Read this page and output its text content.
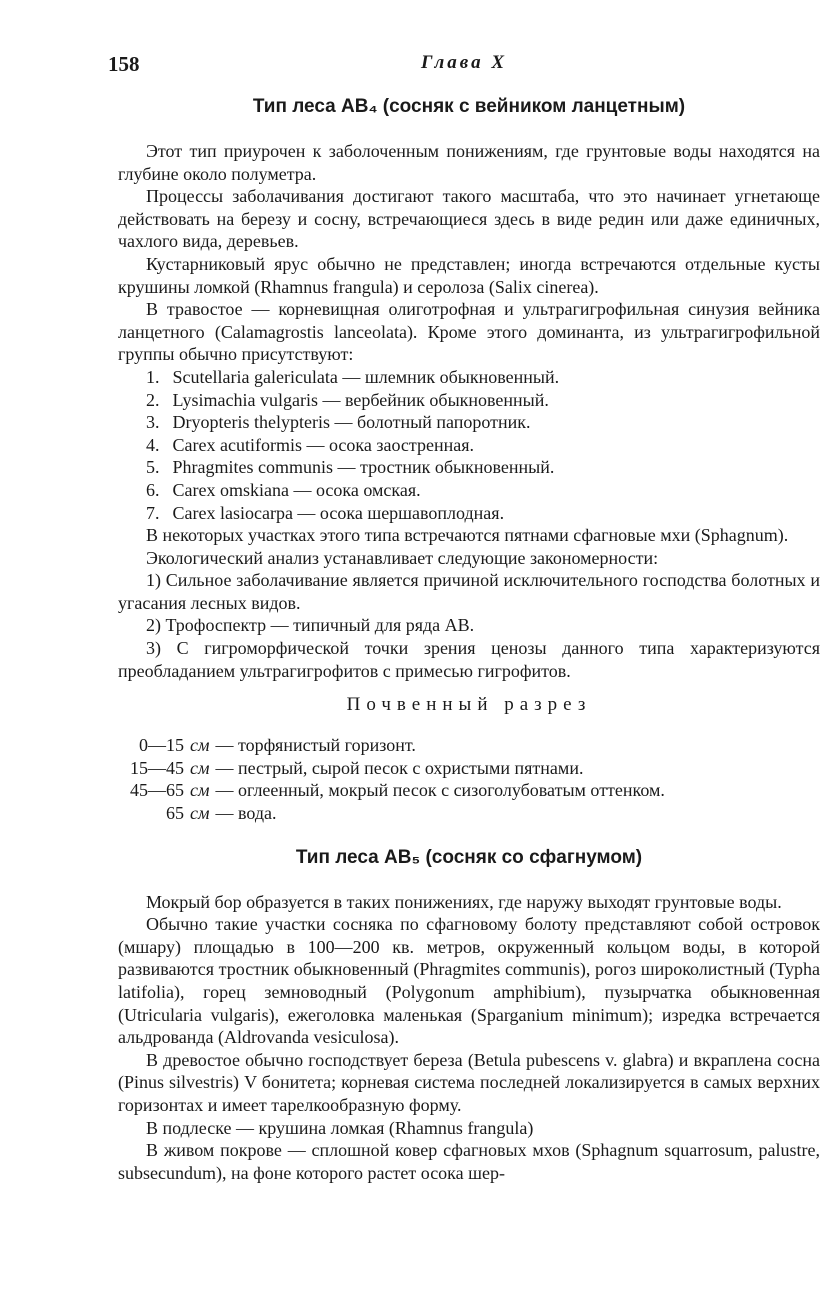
158	Глава X
Тип леса AB₄ (сосняк с вейником ланцетным)

Этот тип приурочен к заболоченным понижениям, где грунтовые воды находятся на глубине около полуметра.

Процессы заболачивания достигают такого масштаба, что это начинает угнетающе действовать на березу и сосну, встречающиеся здесь в виде редин или даже единичных, чахлого вида, деревьев.

Кустарниковый ярус обычно не представлен; иногда встречаются отдельные кусты крушины ломкой (Rhamnus frangula) и серолоза (Salix cinerea).

В травостое — корневищная олиготрофная и ультрагигрофильная синузия вейника ланцетного (Calamagrostis lanceolata). Кроме этого доминанта, из ультрагигрофильной группы обычно присутствуют:

1. Scutellaria galericulata — шлемник обыкновенный.
2. Lysimachia vulgaris — вербейник обыкновенный.
3. Dryopteris thelypteris — болотный папоротник.
4. Carex acutiformis — осока заостренная.
5. Phragmites communis — тростник обыкновенный.
6. Carex omskiana — осока омская.
7. Carex lasiocarpa — осока шершавоплодная.

В некоторых участках этого типа встречаются пятнами сфагновые мхи (Sphagnum).

Экологический анализ устанавливает следующие закономерности:

1) Сильное заболачивание является причиной исключительного господства болотных и угасания лесных видов.

2) Трофоспектр — типичный для ряда AB.

3) С гигроморфической точки зрения ценозы данного типа характеризуются преобладанием ультрагигрофитов с примесью гигрофитов.

Почвенный разрез
0—15 см — торфянистый горизонт.
15—45 см — пестрый, сырой песок с охристыми пятнами.
45—65 см — оглеенный, мокрый песок с сизоголубоватым оттенком.
65 см — вода.
Тип леса AB₅ (сосняк со сфагнумом)

Мокрый бор образуется в таких понижениях, где наружу выходят грунтовые воды.

Обычно такие участки сосняка по сфагновому болоту представляют собой островок (мшару) площадью в 100—200 кв. метров, окруженный кольцом воды, в которой развиваются тростник обыкновенный (Phragmites communis), рогоз широколистный (Typha latifolia), горец земноводный (Polygonum amphibium), пузырчатка обыкновенная (Utricularia vulgaris), ежеголовка маленькая (Sparganium minimum); изредка встречается альдрованда (Aldrovanda vesiculosa).

В древостое обычно господствует береза (Betula pubescens v. glabra) и вкраплена сосна (Pinus silvestris) V бонитета; корневая система последней локализируется в самых верхних горизонтах и имеет тарелкообразную форму.

В подлеске — крушина ломкая (Rhamnus frangula)

В живом покрове — сплошной ковер сфагновых мхов (Sphagnum squarrosum, palustre, subsecundum), на фоне которого растет осока шер-
